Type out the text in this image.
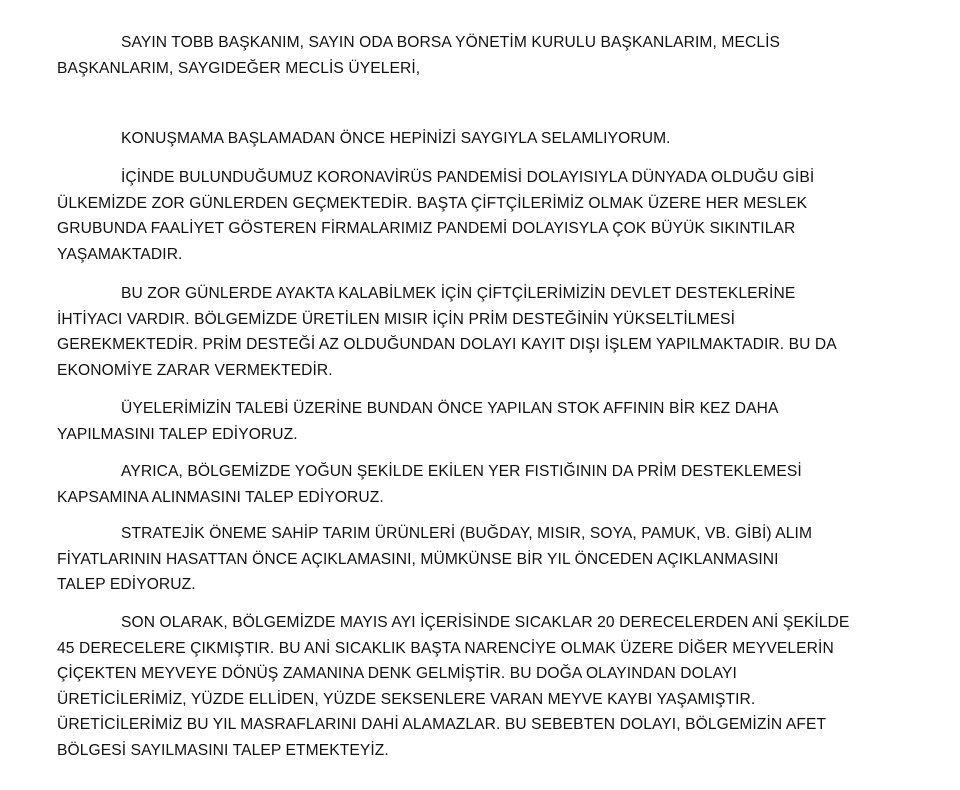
SAYIN TOBB BAŞKANIM, SAYIN ODA BORSA YÖNETİM KURULU BAŞKANLARIM, MECLİS
BAŞKANLARIM, SAYGIDEĞER MECLİS ÜYELERİ,

KONUŞMAMA BAŞLAMADAN ÖNCE HEPİNİZİ SAYGIYLA SELAMLIYORUM.

İÇİNDE BULUNDUĞUMUZ KORONAVİRÜS PANDEMİSİ DOLAYISIYLA DÜNYADA OLDUĞU GİBİ
ÜLKEMİZDE ZOR GÜNLERDEN GEÇMEKTEDİR. BAŞTA ÇİFTÇİLERİMİZ OLMAK ÜZERE HER MESLEK
GRUBUNDA FAALİYET GÖSTEREN FİRMALARIMIZ PANDEMİ DOLAYISYLA ÇOK BÜYÜK SIKINTILAR
YAŞAMAKTADIR.

BU ZOR GÜNLERDE AYAKTA KALABİLMEK İÇİN ÇİFTÇİLERİMİZİN DEVLET DESTEKLERİNE
İHTİYACI VARDIR. BÖLGEMİZDE ÜRETİLEN MISIR İÇİN PRİM DESTEĞİNİN YÜKSELTİLMESİ
GEREKMEKTEDİR. PRİM DESTEĞİ AZ OLDUĞUNDAN DOLAYI KAYIT DIŞI İŞLEM YAPILMAKTADIR. BU DA
EKONOMİYE ZARAR VERMEKTEDİR.

ÜYELERİMİZİN TALEBİ ÜZERİNE BUNDAN ÖNCE YAPILAN STOK AFFININ BİR KEZ DAHA
YAPILMASINI TALEP EDİYORUZ.

AYRICA, BÖLGEMİZDE YOĞUN ŞEKİLDE EKİLEN YER FISTIĞININ DA PRİM DESTEKLEMESİ
KAPSAMINA ALINMASINI TALEP EDİYORUZ.

STRATEJİK ÖNEME SAHİP TARIM ÜRÜNLERİ (BUĞDAY, MISIR, SOYA, PAMUK, VB. GİBİ) ALIM
FİYATLARININ HASATTAN ÖNCE AÇIKLAMASINI, MÜMKÜNSE BİR YIL ÖNCEDEN AÇIKLANMASINI
TALEP EDİYORUZ.

SON OLARAK, BÖLGEMİZDE MAYIS AYI İÇERİSİNDE SICAKLAR 20 DERECELERDEN ANİ ŞEKİLDE
45 DERECELERE ÇIKMIŞTIR. BU ANİ SICAKLIK BAŞTA NARENCİYE OLMAK ÜZERE DİĞER MEYVELERİN
ÇİÇEKTEN MEYVEYE DÖNÜŞ ZAMANINA DENK GELMİŞTİR. BU DOĞA OLAYINDAN DOLAYI
ÜRETİCİLERİMİZ, YÜZDE ELLİDEN, YÜZDE SEKSENLERE VARAN MEYVE KAYBI YAŞAMIŞTIR.
ÜRETİCİLERİMİZ BU YIL MASRAFLARINI DAHİ ALAMAZLAR. BU SEBEBTEN DOLAYI, BÖLGEMİZİN AFET
BÖLGESİ SAYILMASINI TALEP ETMEKTEYİZ.
